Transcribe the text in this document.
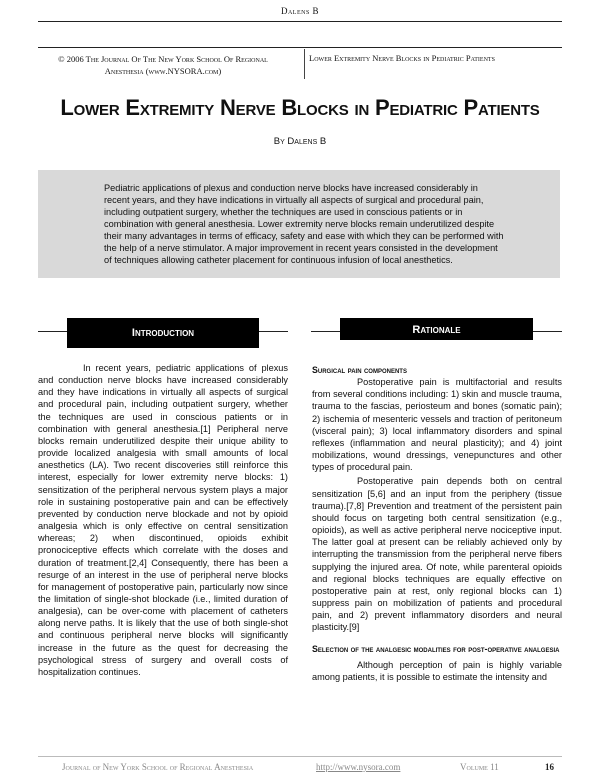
Dalens B
© 2006 The Journal Of The New York School Of Regional Anesthesia (www.NYSORA.com)
Lower Extremity Nerve Blocks in Pediatric Patients
Lower Extremity Nerve Blocks in Pediatric Patients
By Dalens B
Pediatric applications of plexus and conduction nerve blocks have increased considerably in recent years, and they have indications in virtually all aspects of surgical and procedural pain, including outpatient surgery, whether the techniques are used in conscious patients or in combination with general anesthesia. Lower extremity nerve blocks remain underutilized despite their many advantages in terms of efficacy, safety and ease with which they can be performed with the help of a nerve stimulator. A major improvement in recent years consisted in the development of techniques allowing catheter placement for continuous infusion of local anesthetics.
Introduction	Rationale

In recent years, pediatric applications of plexus and conduction nerve blocks have increased considerably and they have indications in virtually all aspects of surgical and procedural pain, including outpatient surgery, whether the techniques are used in conscious patients or in combination with general anesthesia.[1] Peripheral nerve blocks remain underutilized despite their unique ability to provide localized analgesia with small amounts of local anesthetics (LA). Two recent discoveries still reinforce this interest, especially for lower extremity nerve blocks: 1) sensitization of the peripheral nervous system plays a major role in sustaining postoperative pain and can be effectively prevented by conduction nerve blockade and not by opioid analgesia which is only effective on central sensitization whereas; 2) when discontinued, opioids exhibit pronociceptive effects which correlate with the doses and duration of treatment.[2,4] Consequently, there has been a resurge of an interest in the use of peripheral nerve blocks for management of postoperative pain, particularly now since the limitation of single-shot blockade (i.e., limited duration of analgesia), can be over-come with placement of catheters along nerve paths. It is likely that the use of both single-shot and continuous peripheral nerve blocks will significantly increase in the future as the quest for decreasing the psychological stress of surgery and overall costs of hospitalization continues.

Surgical pain components

Postoperative pain is multifactorial and results from several conditions including: 1) skin and muscle trauma, trauma to the fascias, periosteum and bones (somatic pain); 2) ischemia of mesenteric vessels and traction of peritoneum (visceral pain); 3) local inflammatory disorders and spinal reflexes (inflammation and neural plasticity); and 4) joint mobilizations, wound dressings, venepunctures and other types of procedural pain.

Postoperative pain depends both on central sensitization [5,6] and an input from the periphery (tissue trauma).[7,8] Prevention and treatment of the persistent pain should focus on targeting both central sensitization (e.g., opioids), as well as active peripheral nerve nociceptive input. The latter goal at present can be reliably achieved only by interrupting the transmission from the peripheral nerve fibers supplying the injured area. Of note, while parenteral opioids and regional blocks techniques are equally effective on postoperative pain at rest, only regional blocks can 1) suppress pain on mobilization of patients and procedural pain, and 2) prevent inflammatory disorders and neural plasticity.[9]

Selection of the analgesic modalities for post-operative analgesia

Although perception of pain is highly variable among patients, it is possible to estimate the intensity and

Journal of New York School of Regional Anesthesia	http://www.nysora.com	Volume 11	16
